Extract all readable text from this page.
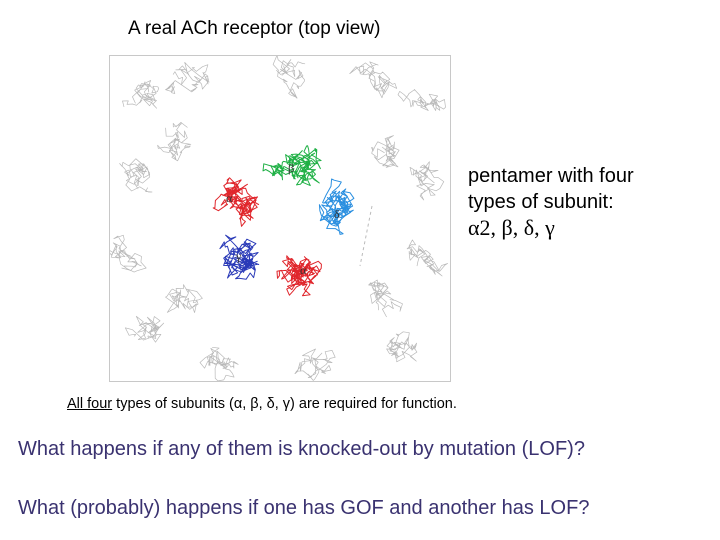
A real ACh receptor (top view)
α
β
δ
γ
α
pentamer with four
types of subunit:
α2, β, δ, γ
All four types of subunits (α, β, δ, γ) are required for function.
What happens if any of them is knocked-out by mutation (LOF)?
What (probably) happens if one has GOF and another has LOF?
